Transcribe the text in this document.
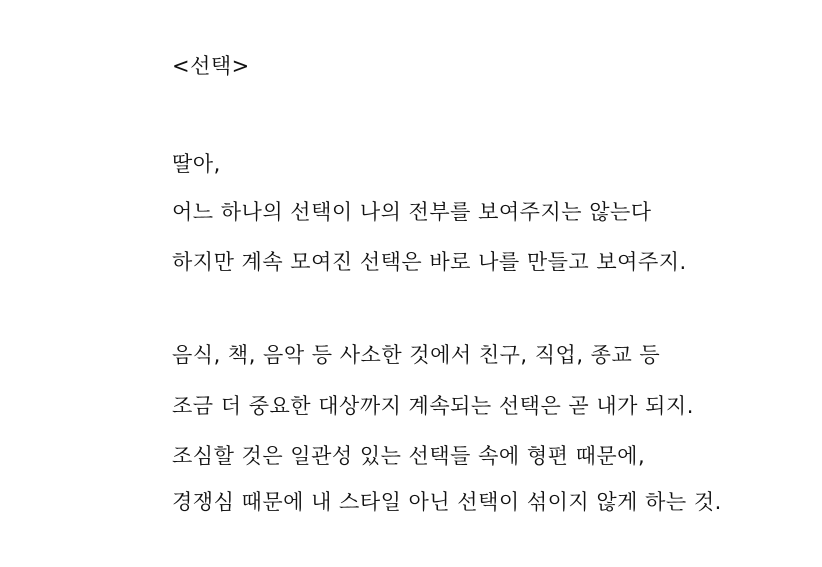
<선택>
딸아,
어느 하나의 선택이 나의 전부를 보여주지는 않는다
하지만 계속 모여진 선택은 바로 나를 만들고 보여주지.
음식, 책, 음악 등 사소한 것에서 친구, 직업, 종교 등
조금 더 중요한 대상까지 계속되는 선택은 곧 내가 되지.
조심할 것은 일관성 있는 선택들 속에 형편 때문에,
경쟁심 때문에 내 스타일 아닌 선택이 섞이지 않게 하는 것.
